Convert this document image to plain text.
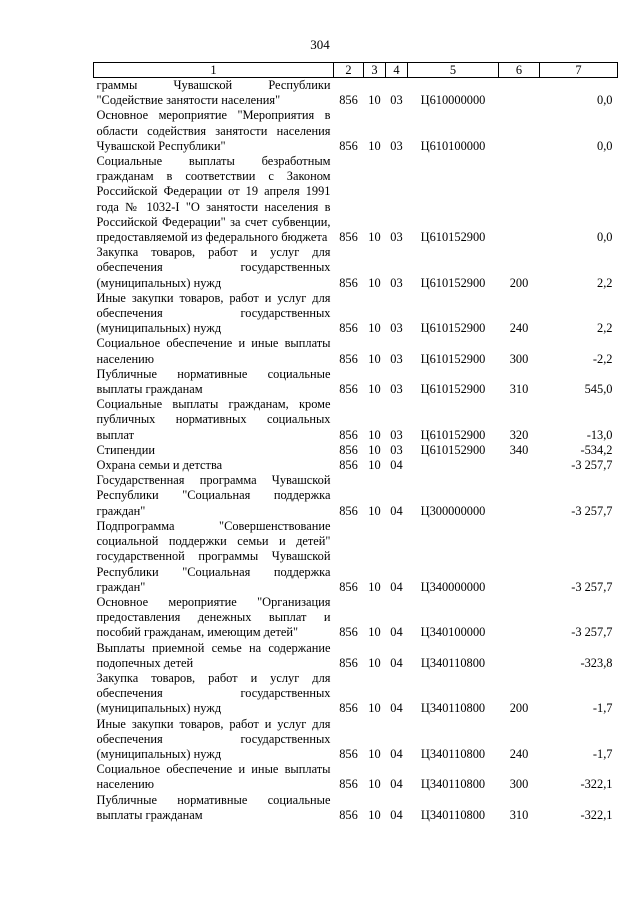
304
1	2	3	4	5	6	7
граммы Чувашской Республики "Содействие занятости населения"	856	10	03	Ц610000000		0,0
Основное мероприятие "Мероприятия в области содействия занятости населения Чувашской Республики"	856	10	03	Ц610100000		0,0
Социальные выплаты безработным гражданам в соответствии с Законом Российской Федерации от 19 апреля 1991 года № 1032-I "О занятости населения в Российской Федерации" за счет субвенции, предоставляемой из федерального бюджета	856	10	03	Ц610152900		0,0
Закупка товаров, работ и услуг для обеспечения государственных (муниципальных) нужд	856	10	03	Ц610152900	200	2,2
Иные закупки товаров, работ и услуг для обеспечения государственных (муниципальных) нужд	856	10	03	Ц610152900	240	2,2
Социальное обеспечение и иные выплаты населению	856	10	03	Ц610152900	300	-2,2
Публичные нормативные социальные выплаты гражданам	856	10	03	Ц610152900	310	545,0
Социальные выплаты гражданам, кроме публичных нормативных социальных выплат	856	10	03	Ц610152900	320	-13,0
Стипендии	856	10	03	Ц610152900	340	-534,2
Охрана семьи и детства	856	10	04			-3 257,7
Государственная программа Чувашской Республики "Социальная поддержка граждан"	856	10	04	Ц300000000		-3 257,7
Подпрограмма "Совершенствование социальной поддержки семьи и детей" государственной программы Чувашской Республики "Социальная поддержка граждан"	856	10	04	Ц340000000		-3 257,7
Основное мероприятие "Организация предоставления денежных выплат и пособий гражданам, имеющим детей"	856	10	04	Ц340100000		-3 257,7
Выплаты приемной семье на содержание подопечных детей	856	10	04	Ц340110800		-323,8
Закупка товаров, работ и услуг для обеспечения государственных (муниципальных) нужд	856	10	04	Ц340110800	200	-1,7
Иные закупки товаров, работ и услуг для обеспечения государственных (муниципальных) нужд	856	10	04	Ц340110800	240	-1,7
Социальное обеспечение и иные выплаты населению	856	10	04	Ц340110800	300	-322,1
Публичные нормативные социальные выплаты гражданам	856	10	04	Ц340110800	310	-322,1
